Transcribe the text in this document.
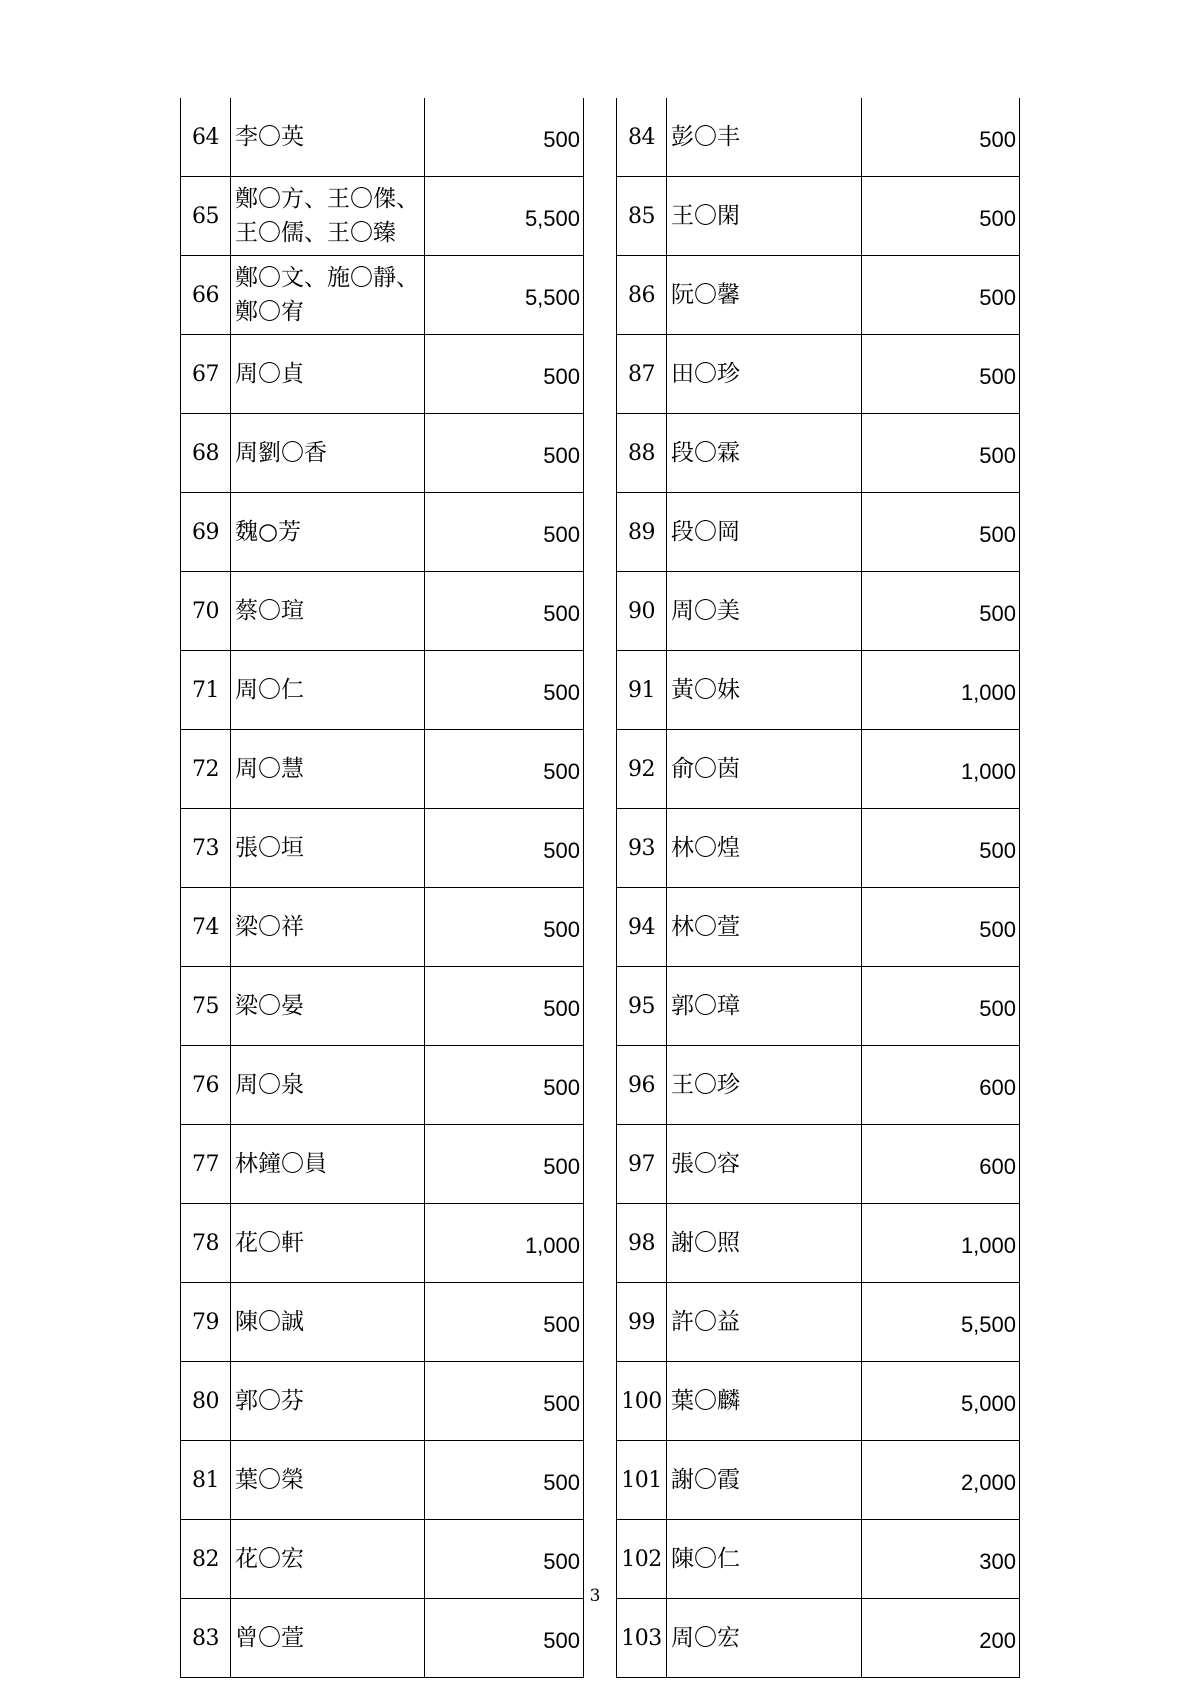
64	李〇英	500
65	鄭〇方、王〇傑、王〇儒、王〇臻	5,500
66	鄭〇文、施〇靜、鄭〇宥	5,500
67	周〇貞	500
68	周劉〇香	500
69	魏○芳	500
70	蔡〇瑄	500
71	周〇仁	500
72	周〇慧	500
73	張〇垣	500
74	梁〇祥	500
75	梁〇晏	500
76	周〇泉	500
77	林鐘〇員	500
78	花〇軒	1,000
79	陳〇誠	500
80	郭〇芬	500
81	葉〇榮	500
82	花〇宏	500
83	曾〇萱	500
84	彭〇丰	500
85	王〇閑	500
86	阮〇馨	500
87	田〇珍	500
88	段〇霖	500
89	段〇岡	500
90	周〇美	500
91	黃〇妹	1,000
92	俞〇茵	1,000
93	林〇煌	500
94	林〇萱	500
95	郭〇璋	500
96	王〇珍	600
97	張〇容	600
98	謝〇照	1,000
99	許〇益	5,500
100	葉〇麟	5,000
101	謝〇霞	2,000
102	陳〇仁	300
103	周〇宏	200
3
